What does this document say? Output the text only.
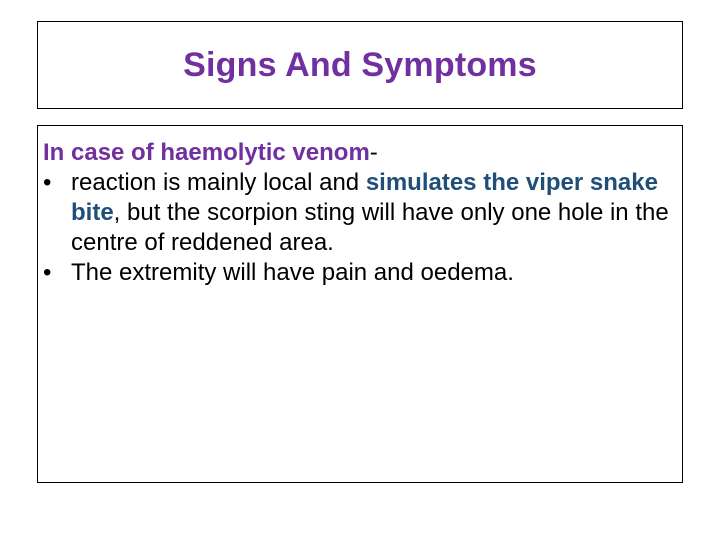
Signs And Symptoms

In case of haemolytic venom-

• reaction is mainly local and simulates the viper snake bite, but the scorpion sting will have only one hole in the centre of reddened area.
• The extremity will have pain and oedema.
